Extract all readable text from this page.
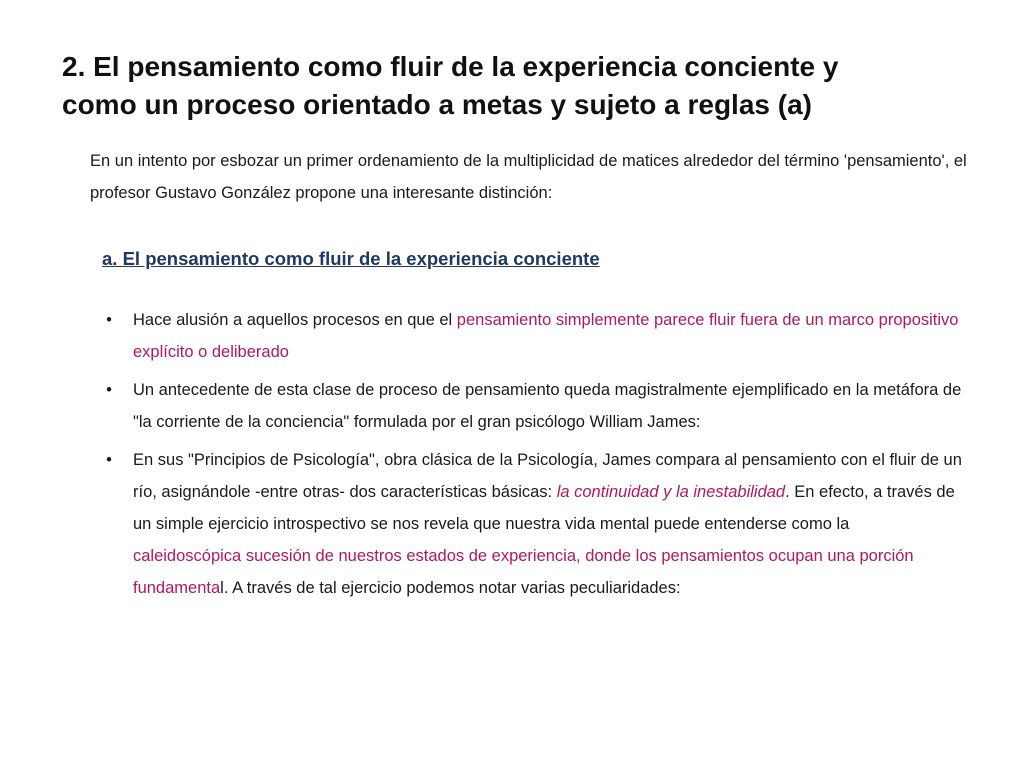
2. El pensamiento como fluir de la experiencia conciente y
como un proceso orientado a metas y sujeto a reglas (a)

En un intento por esbozar un primer ordenamiento de la multiplicidad de matices alrededor del término 'pensamiento', el profesor Gustavo González propone una interesante distinción:

a. El pensamiento como fluir de la experiencia conciente
• Hace alusión a aquellos procesos en que el pensamiento simplemente parece fluir fuera de un marco propositivo explícito o deliberado
• Un antecedente de esta clase de proceso de pensamiento queda magistralmente ejemplificado en la metáfora de "la corriente de la conciencia" formulada por el gran psicólogo William James:
• En sus "Principios de Psicología", obra clásica de la Psicología, James compara al pensamiento con el fluir de un río, asignándole -entre otras- dos características básicas: la continuidad y la inestabilidad. En efecto, a través de un simple ejercicio introspectivo se nos revela que nuestra vida mental puede entenderse como la caleidoscópica sucesión de nuestros estados de experiencia, donde los pensamientos ocupan una porción fundamental. A través de tal ejercicio podemos notar varias peculiaridades:
